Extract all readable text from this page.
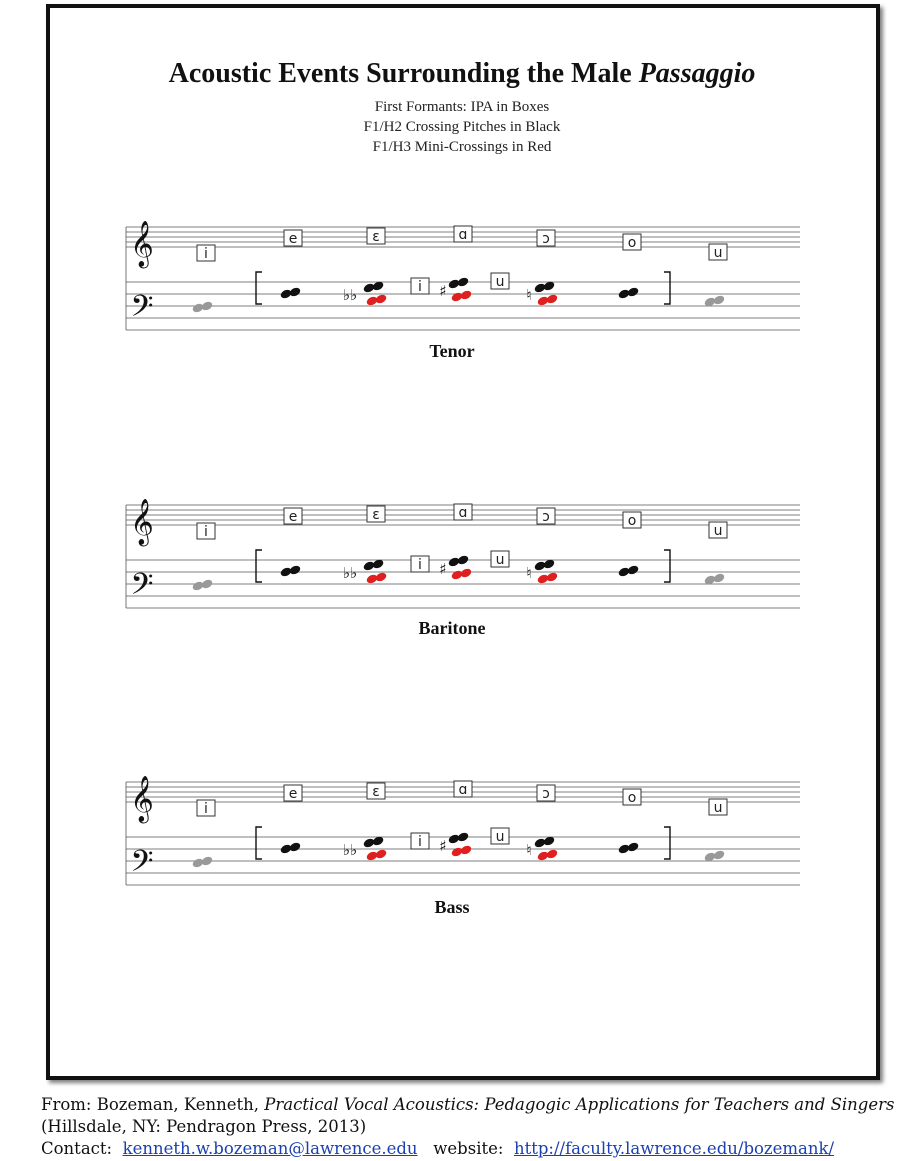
Acoustic Events Surrounding the Male Passaggio
First Formants: IPA in Boxes
F1/H2 Crossing Pitches in Black
F1/H3 Mini-Crossings in Red
𝄞
𝄢
i
e	ɛ	ɑ	ɔ	o
u
♭♭	♯	♮
i	u
𝄞
𝄢
i
e	ɛ	ɑ	ɔ	o
u
♭♭	♯	♮
i	u
𝄞
𝄢
i
e	ɛ	ɑ	ɔ	o
u
♭♭	♯	♮
i	u
Tenor
Baritone
Bass
From: Bozeman, Kenneth, Practical Vocal Acoustics: Pedagogic Applications for Teachers and Singers (Hillsdale, NY: Pendragon Press, 2013)
Contact:  kenneth.w.bozeman@lawrence.edu   website:  http://faculty.lawrence.edu/bozemank/
